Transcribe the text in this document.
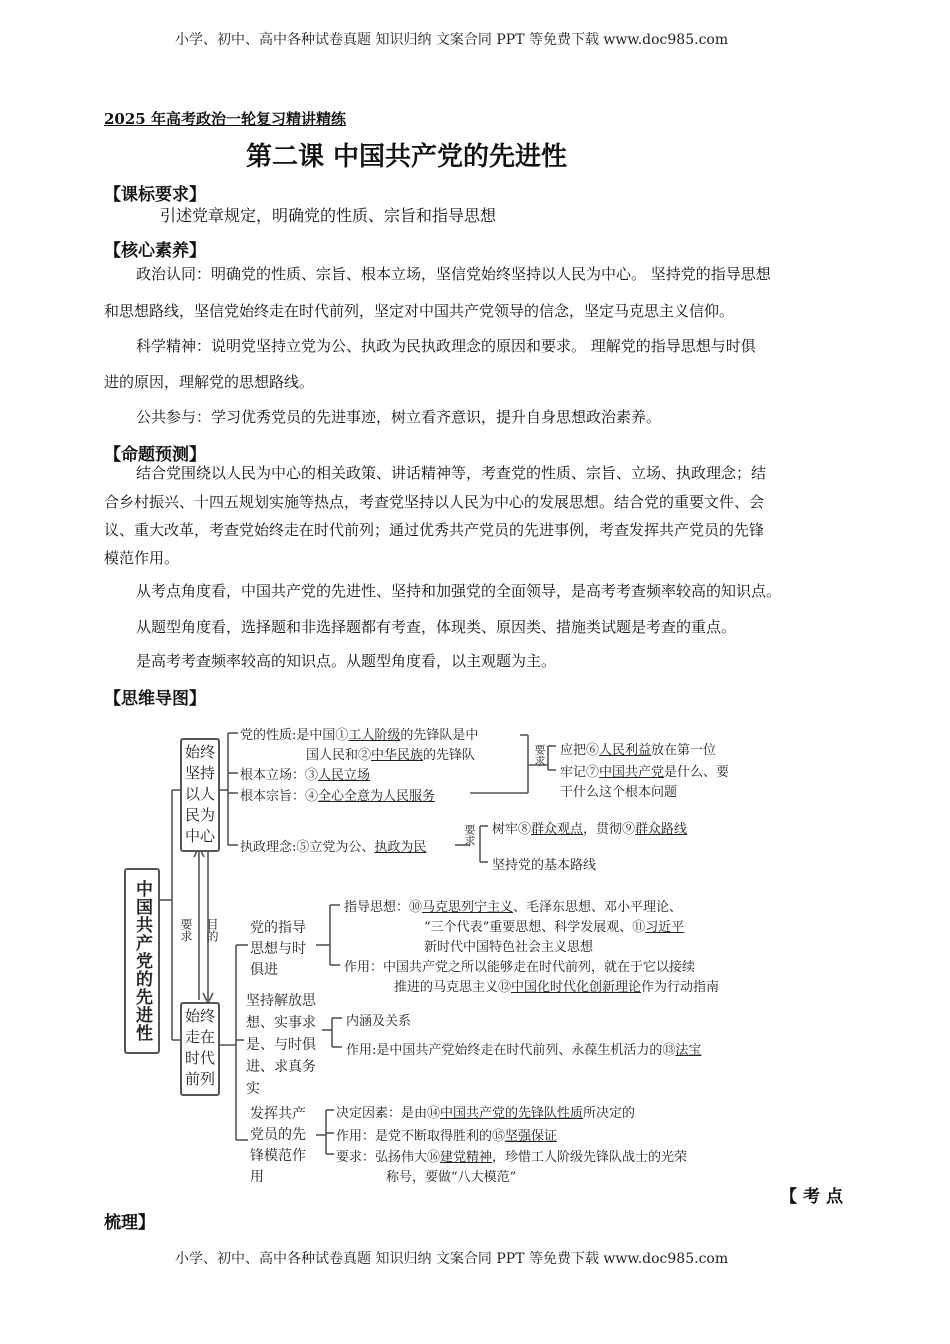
小学、初中、高中各种试卷真题 知识归纳 文案合同 PPT 等免费下载 www.doc985.com
小学、初中、高中各种试卷真题 知识归纳 文案合同 PPT 等免费下载 www.doc985.com
2025 年高考政治一轮复习精讲精练
第二课 中国共产党的先进性
【课标要求】
引述党章规定，明确党的性质、宗旨和指导思想
【核心素养】
政治认同：明确党的性质、宗旨、根本立场，坚信党始终坚持以人民为中心。 坚持党的指导思想
和思想路线，坚信党始终走在时代前列，坚定对中国共产党领导的信念，坚定马克思主义信仰。
科学精神：说明党坚持立党为公、执政为民执政理念的原因和要求。 理解党的指导思想与时俱
进的原因，理解党的思想路线。
公共参与：学习优秀党员的先进事迹，树立看齐意识，提升自身思想政治素养。
【命题预测】
结合党围绕以人民为中心的相关政策、讲话精神等，考查党的性质、宗旨、立场、执政理念；结
合乡村振兴、十四五规划实施等热点，考查党坚持以人民为中心的发展思想。结合党的重要文件、会
议、重大改革，考查党始终走在时代前列；通过优秀共产党员的先进事例，考查发挥共产党员的先锋
模范作用。
从考点角度看，中国共产党的先进性、坚持和加强党的全面领导，是高考考查频率较高的知识点。
从题型角度看，选择题和非选择题都有考查，体现类、原因类、措施类试题是考查的重点。
是高考考查频率较高的知识点。从题型角度看，以主观题为主。
【思维导图】
中国共产党的先进性
始终坚持以人民为中心
始终走在时代前列
要求 目的
党的性质:是中国①工人阶级的先锋队是中
国人民和②中华民族的先锋队
根本立场：③人民立场
根本宗旨：④全心全意为人民服务
要求 应把⑥人民利益放在第一位
牢记⑦中国共产党是什么、要
干什么这个根本问题
执政理念:⑤立党为公、执政为民
要求 树牢⑧群众观点，贯彻⑨群众路线
坚持党的基本路线
党的指导思想与时俱进
指导思想：⑩马克思列宁主义、毛泽东思想、邓小平理论、
“三个代表”重要思想、科学发展观、⑪习近平
新时代中国特色社会主义思想
作用：中国共产党之所以能够走在时代前列，就在于它以接续
推进的马克思主义⑫中国化时代化创新理论作为行动指南
坚持解放思想、实事求是、与时俱进、求真务实
内涵及关系
作用:是中国共产党始终走在时代前列、永葆生机活力的⑬法宝
发挥共产党员的先锋模范作用
决定因素：是由⑭中国共产党的先锋队性质所决定的
作用：是党不断取得胜利的⑮坚强保证
要求：弘扬伟大⑯建党精神，珍惜工人阶级先锋队战士的光荣
称号，要做“八大模范”
【考点
梳理】
